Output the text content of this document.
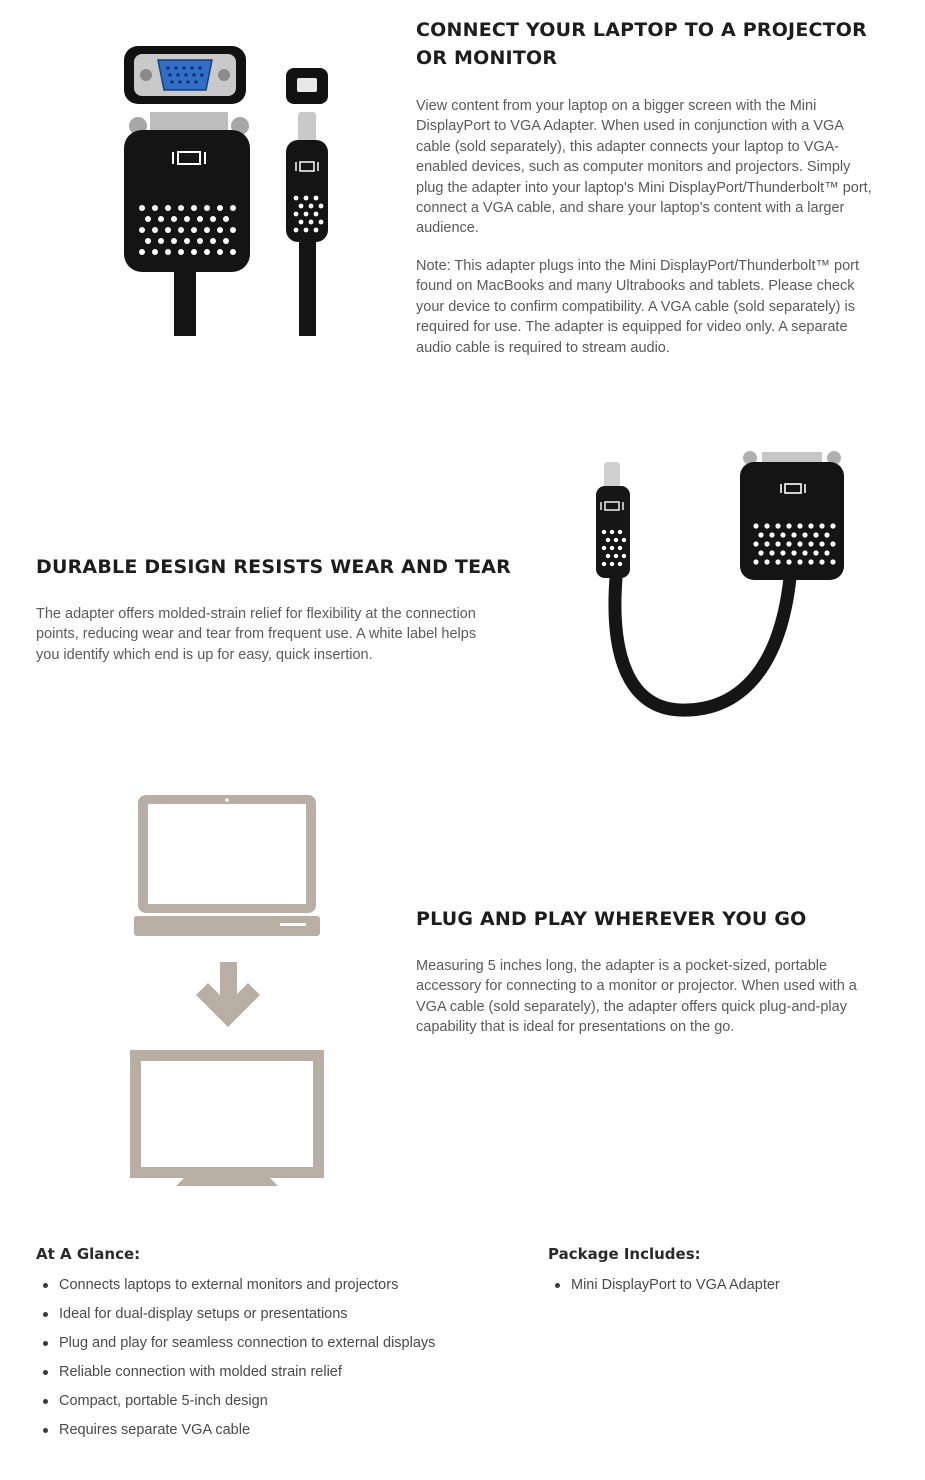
CONNECT YOUR LAPTOP TO A PROJECTOR OR MONITOR

View content from your laptop on a bigger screen with the Mini DisplayPort to VGA Adapter. When used in conjunction with a VGA cable (sold separately), this adapter connects your laptop to VGA-enabled devices, such as computer monitors and projectors. Simply plug the adapter into your laptop's Mini DisplayPort/Thunderbolt™ port, connect a VGA cable, and share your laptop's content with a larger audience.

Note: This adapter plugs into the Mini DisplayPort/Thunderbolt™ port found on MacBooks and many Ultrabooks and tablets. Please check your device to confirm compatibility. A VGA cable (sold separately) is required for use. The adapter is equipped for video only. A separate audio cable is required to stream audio.

DURABLE DESIGN RESISTS WEAR AND TEAR

The adapter offers molded-strain relief for flexibility at the connection points, reducing wear and tear from frequent use. A white label helps you identify which end is up for easy, quick insertion.

PLUG AND PLAY WHEREVER YOU GO

Measuring 5 inches long, the adapter is a pocket-sized, portable accessory for connecting to a monitor or projector. When used with a VGA cable (sold separately), the adapter offers quick plug-and-play capability that is ideal for presentations on the go.

At A Glance:
Connects laptops to external monitors and projectors
Ideal for dual-display setups or presentations
Plug and play for seamless connection to external displays
Reliable connection with molded strain relief
Compact, portable 5-inch design
Requires separate VGA cable
Package Includes:
Mini DisplayPort to VGA Adapter
